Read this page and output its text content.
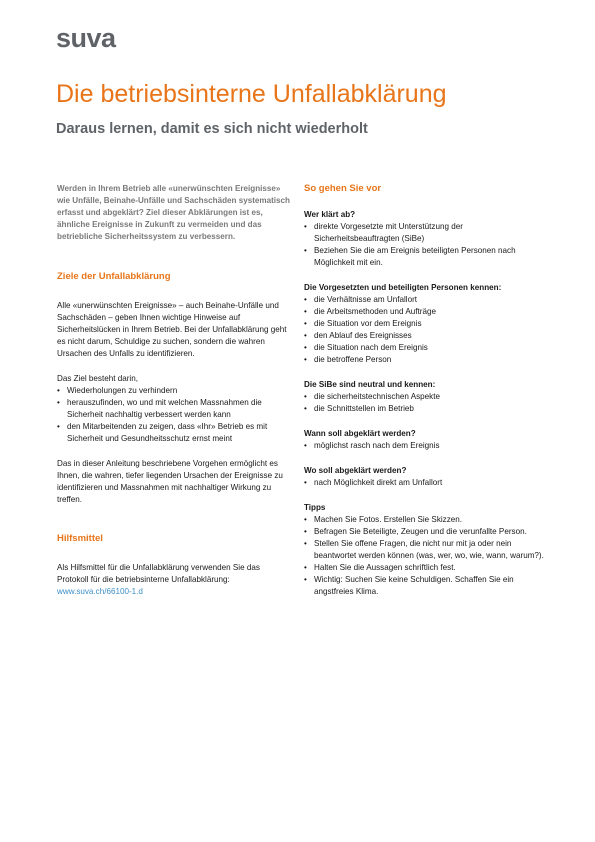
suva
Die betriebsinterne Unfallabklärung
Daraus lernen, damit es sich nicht wiederholt

Werden in Ihrem Betrieb alle «unerwünschten Ereignisse» wie Unfälle, Beinahe-Unfälle und Sachschäden systematisch erfasst und abgeklärt? Ziel dieser Abklärungen ist es, ähnliche Ereignisse in Zukunft zu vermeiden und das betriebliche Sicherheitssystem zu verbessern.

Ziele der Unfallabklärung

Alle «unerwünschten Ereignisse» – auch Beinahe-Unfälle und Sachschäden – geben Ihnen wichtige Hinweise auf Sicherheitslücken in Ihrem Betrieb. Bei der Unfallabklärung geht es nicht darum, Schuldige zu suchen, sondern die wahren Ursachen des Unfalls zu identifizieren.

Das Ziel besteht darin,

• Wiederholungen zu verhindern
• herauszufinden, wo und mit welchen Massnahmen die Sicherheit nachhaltig verbessert werden kann
• den Mitarbeitenden zu zeigen, dass «Ihr» Betrieb es mit Sicherheit und Gesundheitsschutz ernst meint

Das in dieser Anleitung beschriebene Vorgehen ermöglicht es Ihnen, die wahren, tiefer liegenden Ursachen der Ereignisse zu identifizieren und Massnahmen mit nachhaltiger Wirkung zu treffen.

Hilfsmittel

Als Hilfsmittel für die Unfallabklärung verwenden Sie das Protokoll für die betriebsinterne Unfallabklärung:

www.suva.ch/66100-1.d
So gehen Sie vor

Wer klärt ab?

• direkte Vorgesetzte mit Unterstützung der Sicherheitsbeauftragten (SiBe)
• Beziehen Sie die am Ereignis beteiligten Personen nach Möglichkeit mit ein.

Die Vorgesetzten und beteiligten Personen kennen:

• die Verhältnisse am Unfallort
• die Arbeitsmethoden und Aufträge
• die Situation vor dem Ereignis
• den Ablauf des Ereignisses
• die Situation nach dem Ereignis
• die betroffene Person

Die SiBe sind neutral und kennen:

• die sicherheitstechnischen Aspekte
• die Schnittstellen im Betrieb

Wann soll abgeklärt werden?

• möglichst rasch nach dem Ereignis

Wo soll abgeklärt werden?

• nach Möglichkeit direkt am Unfallort

Tipps

• Machen Sie Fotos. Erstellen Sie Skizzen.
• Befragen Sie Beteiligte, Zeugen und die verunfallte Person.
• Stellen Sie offene Fragen, die nicht nur mit ja oder nein beantwortet werden können (was, wer, wo, wie, wann, warum?).
• Halten Sie die Aussagen schriftlich fest.
• Wichtig: Suchen Sie keine Schuldigen. Schaffen Sie ein angstfreies Klima.
